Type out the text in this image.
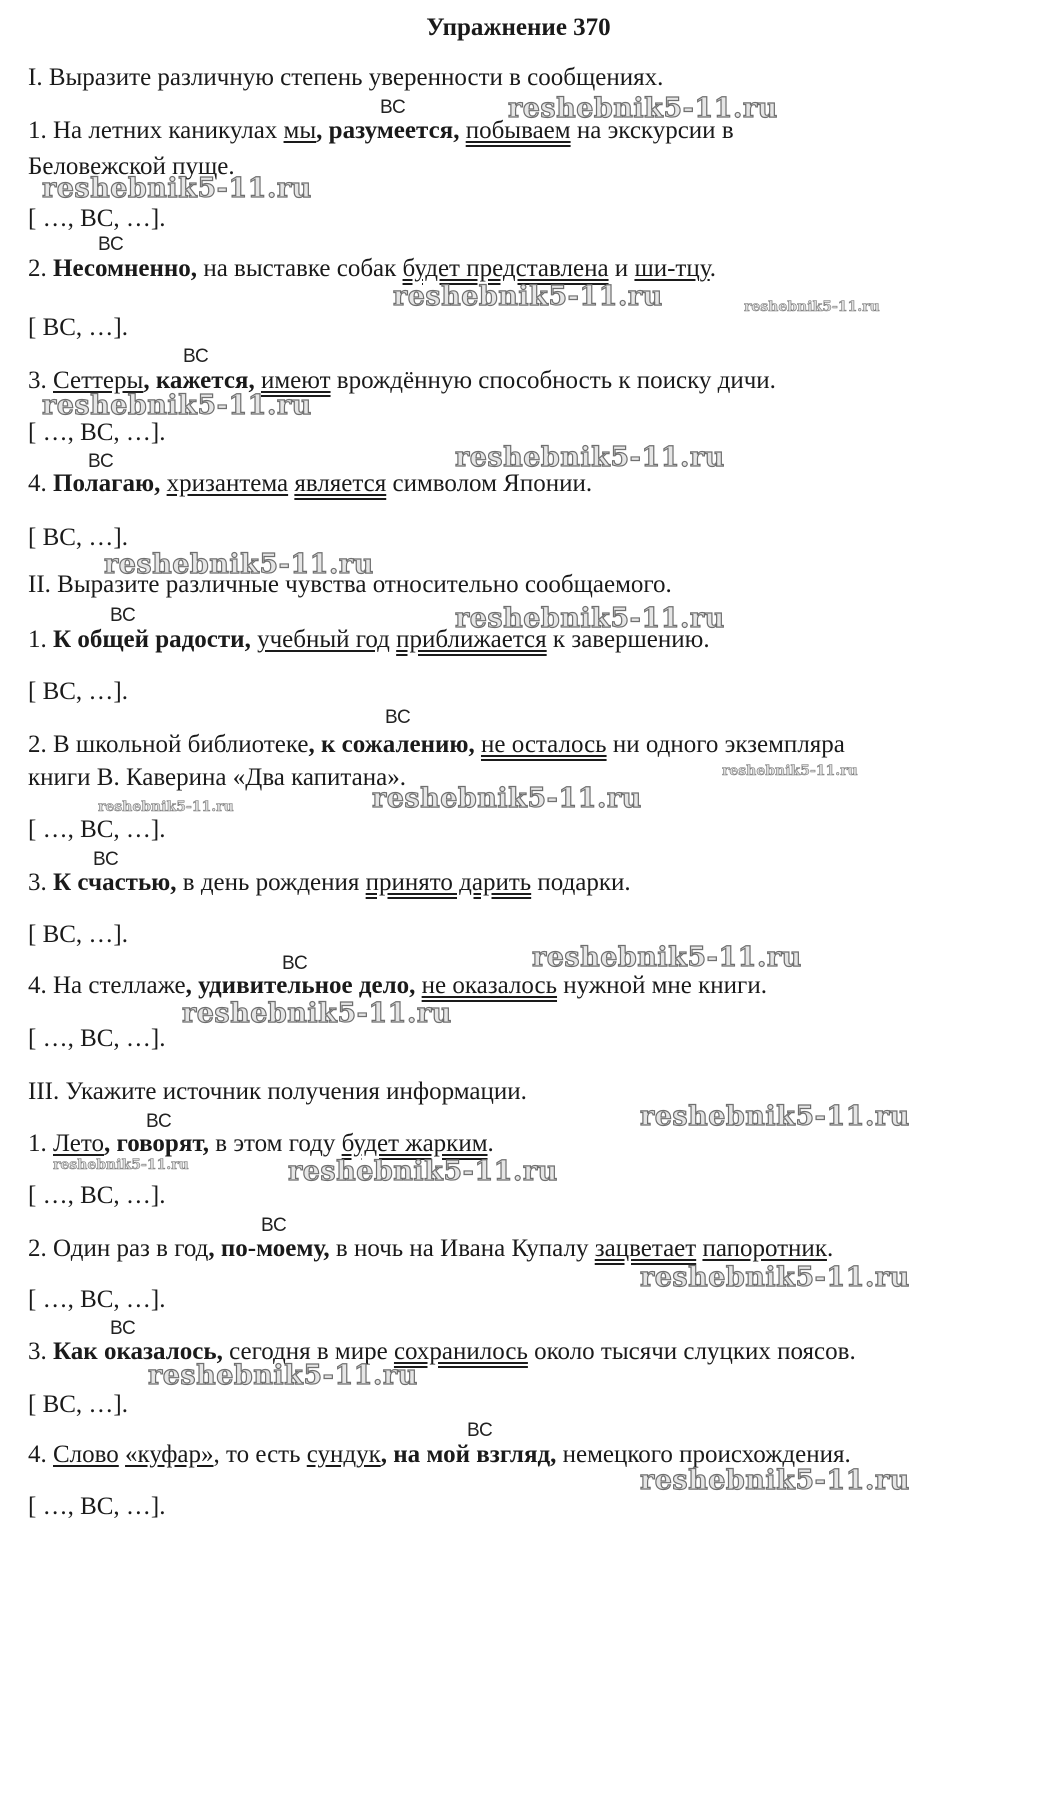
Упражнение 370
I. Выразите различную степень уверенности в сообщениях.
ВС
1. На летних каникулах мы, разумеется, побываем на экскурсии в
Беловежской пуще.
[ …, ВС, …].
ВС
2. Несомненно, на выставке собак будет представлена и ши-тцу.
[ ВС, …].
ВС
3. Сеттеры, кажется, имеют врождённую способность к поиску дичи.
[ …, ВС, …].
ВС
4. Полагаю, хризантема является символом Японии.
[ ВС, …].
II. Выразите различные чувства относительно сообщаемого.
ВС
1. К общей радости, учебный год приближается к завершению.
[ ВС, …].
ВС
2. В школьной библиотеке, к сожалению, не осталось ни одного экземпляра
книги В. Каверина «Два капитана».
[ …, ВС, …].
ВС
3. К счастью, в день рождения принято дарить подарки.
[ ВС, …].
ВС
4. На стеллаже, удивительное дело, не оказалось нужной мне книги.
[ …, ВС, …].
III. Укажите источник получения информации.
ВС
1. Лето, говорят, в этом году будет жарким.
[ …, ВС, …].
ВС
2. Один раз в год, по-моему, в ночь на Ивана Купалу зацветает папоротник.
[ …, ВС, …].
ВС
3. Как оказалось, сегодня в мире сохранилось около тысячи слуцких поясов.
[ ВС, …].
ВС
4. Слово «куфар», то есть сундук, на мой взгляд, немецкого происхождения.
[ …, ВС, …].
reshebnik5-11.ru
reshebnik5-11.ru
reshebnik5-11.ru	reshebnik5-11.ru
reshebnik5-11.ru
reshebnik5-11.ru
reshebnik5-11.ru
reshebnik5-11.ru
reshebnik5-11.ru
reshebnik5-11.ru	reshebnik5-11.ru
reshebnik5-11.ru
reshebnik5-11.ru
reshebnik5-11.ru
reshebnik5-11.ru	reshebnik5-11.ru
reshebnik5-11.ru
reshebnik5-11.ru
reshebnik5-11.ru
